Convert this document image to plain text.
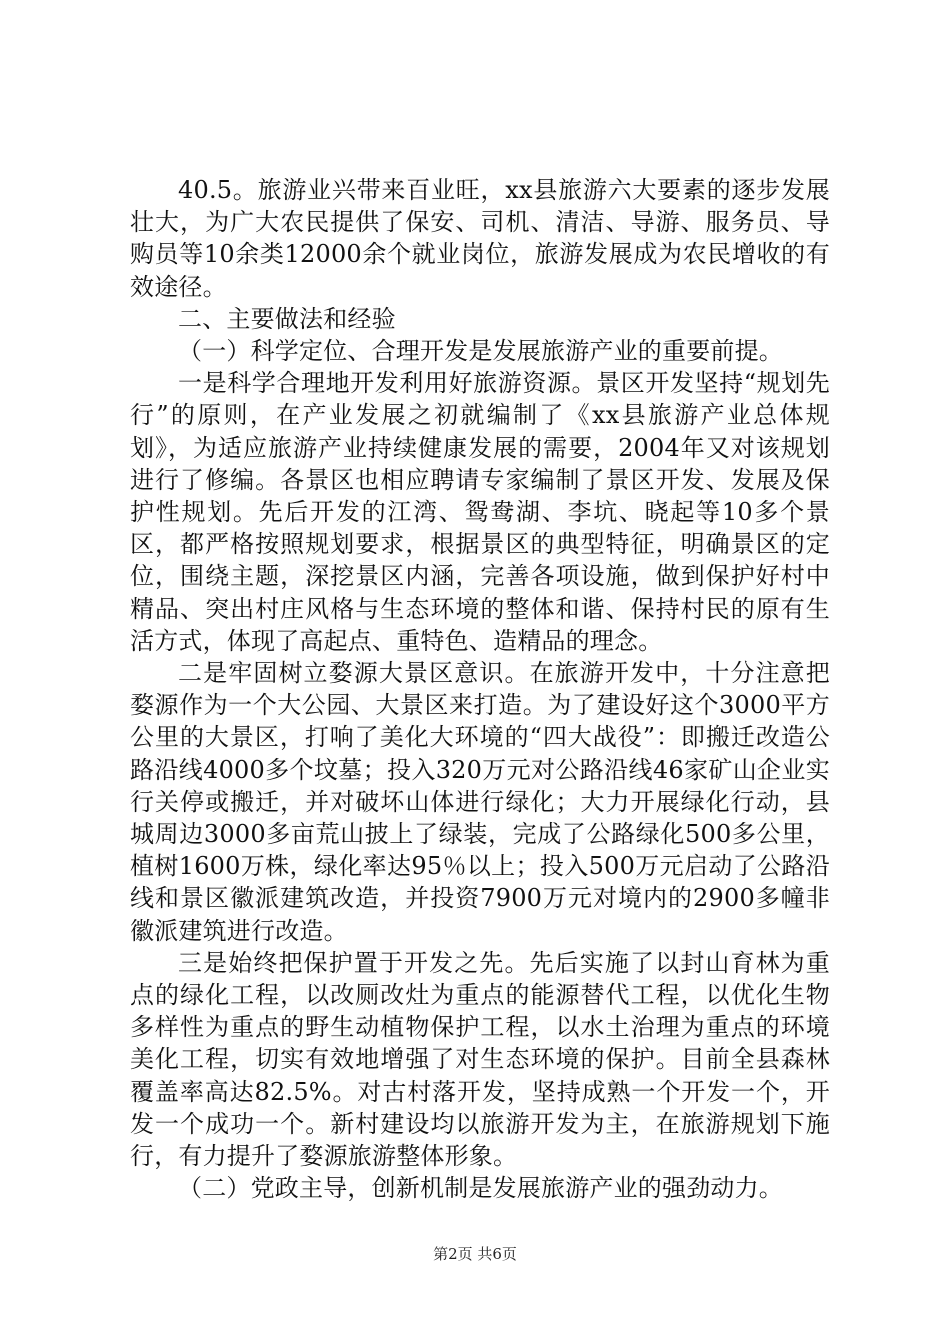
40.5。旅游业兴带来百业旺，xx县旅游六大要素的逐步发展壮大，为广大农民提供了保安、司机、清洁、导游、服务员、导购员等10余类12000余个就业岗位，旅游发展成为农民增收的有效途径。

二、主要做法和经验

（一）科学定位、合理开发是发展旅游产业的重要前提。

一是科学合理地开发利用好旅游资源。景区开发坚持“规划先行”的原则，在产业发展之初就编制了《xx县旅游产业总体规划》，为适应旅游产业持续健康发展的需要，2004年又对该规划进行了修编。各景区也相应聘请专家编制了景区开发、发展及保护性规划。先后开发的江湾、鸳鸯湖、李坑、晓起等10多个景区，都严格按照规划要求，根据景区的典型特征，明确景区的定位，围绕主题，深挖景区内涵，完善各项设施，做到保护好村中精品、突出村庄风格与生态环境的整体和谐、保持村民的原有生活方式，体现了高起点、重特色、造精品的理念。

二是牢固树立婺源大景区意识。在旅游开发中，十分注意把婺源作为一个大公园、大景区来打造。为了建设好这个3000平方公里的大景区，打响了美化大环境的“四大战役”：即搬迁改造公路沿线4000多个坟墓；投入320万元对公路沿线46家矿山企业实行关停或搬迁，并对破坏山体进行绿化；大力开展绿化行动，县城周边3000多亩荒山披上了绿装，完成了公路绿化500多公里，植树1600万株，绿化率达95％以上；投入500万元启动了公路沿线和景区徽派建筑改造，并投资7900万元对境内的2900多幢非徽派建筑进行改造。

三是始终把保护置于开发之先。先后实施了以封山育林为重点的绿化工程，以改厕改灶为重点的能源替代工程，以优化生物多样性为重点的野生动植物保护工程，以水土治理为重点的环境美化工程，切实有效地增强了对生态环境的保护。目前全县森林覆盖率高达82.5%。对古村落开发，坚持成熟一个开发一个，开发一个成功一个。新村建设均以旅游开发为主，在旅游规划下施行，有力提升了婺源旅游整体形象。

（二）党政主导，创新机制是发展旅游产业的强劲动力。

第2页 共6页
